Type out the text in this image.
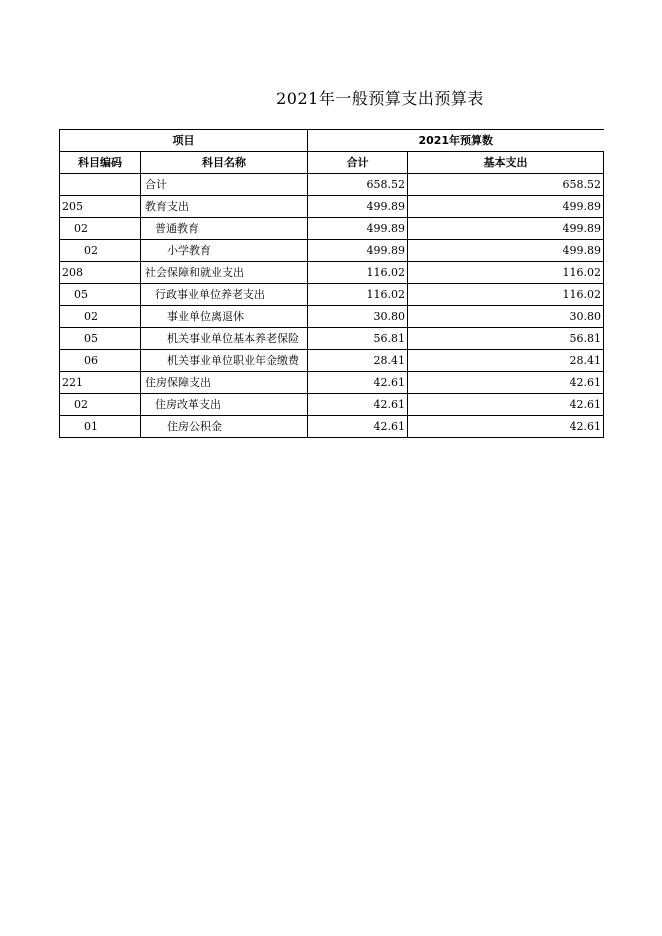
2021年一般预算支出预算表
项目		2021年预算数	
科目编码	科目名称	合计	基本支出
	合计	658.52	658.52
205	教育支出	499.89	499.89
02	普通教育	499.89	499.89
02	小学教育	499.89	499.89
208	社会保障和就业支出	116.02	116.02
05	行政事业单位养老支出	116.02	116.02
02	事业单位离退休	30.80	30.80
05	机关事业单位基本养老保险	56.81	56.81
06	机关事业单位职业年金缴费	28.41	28.41
221	住房保障支出	42.61	42.61
02	住房改革支出	42.61	42.61
01	住房公积金	42.61	42.61
